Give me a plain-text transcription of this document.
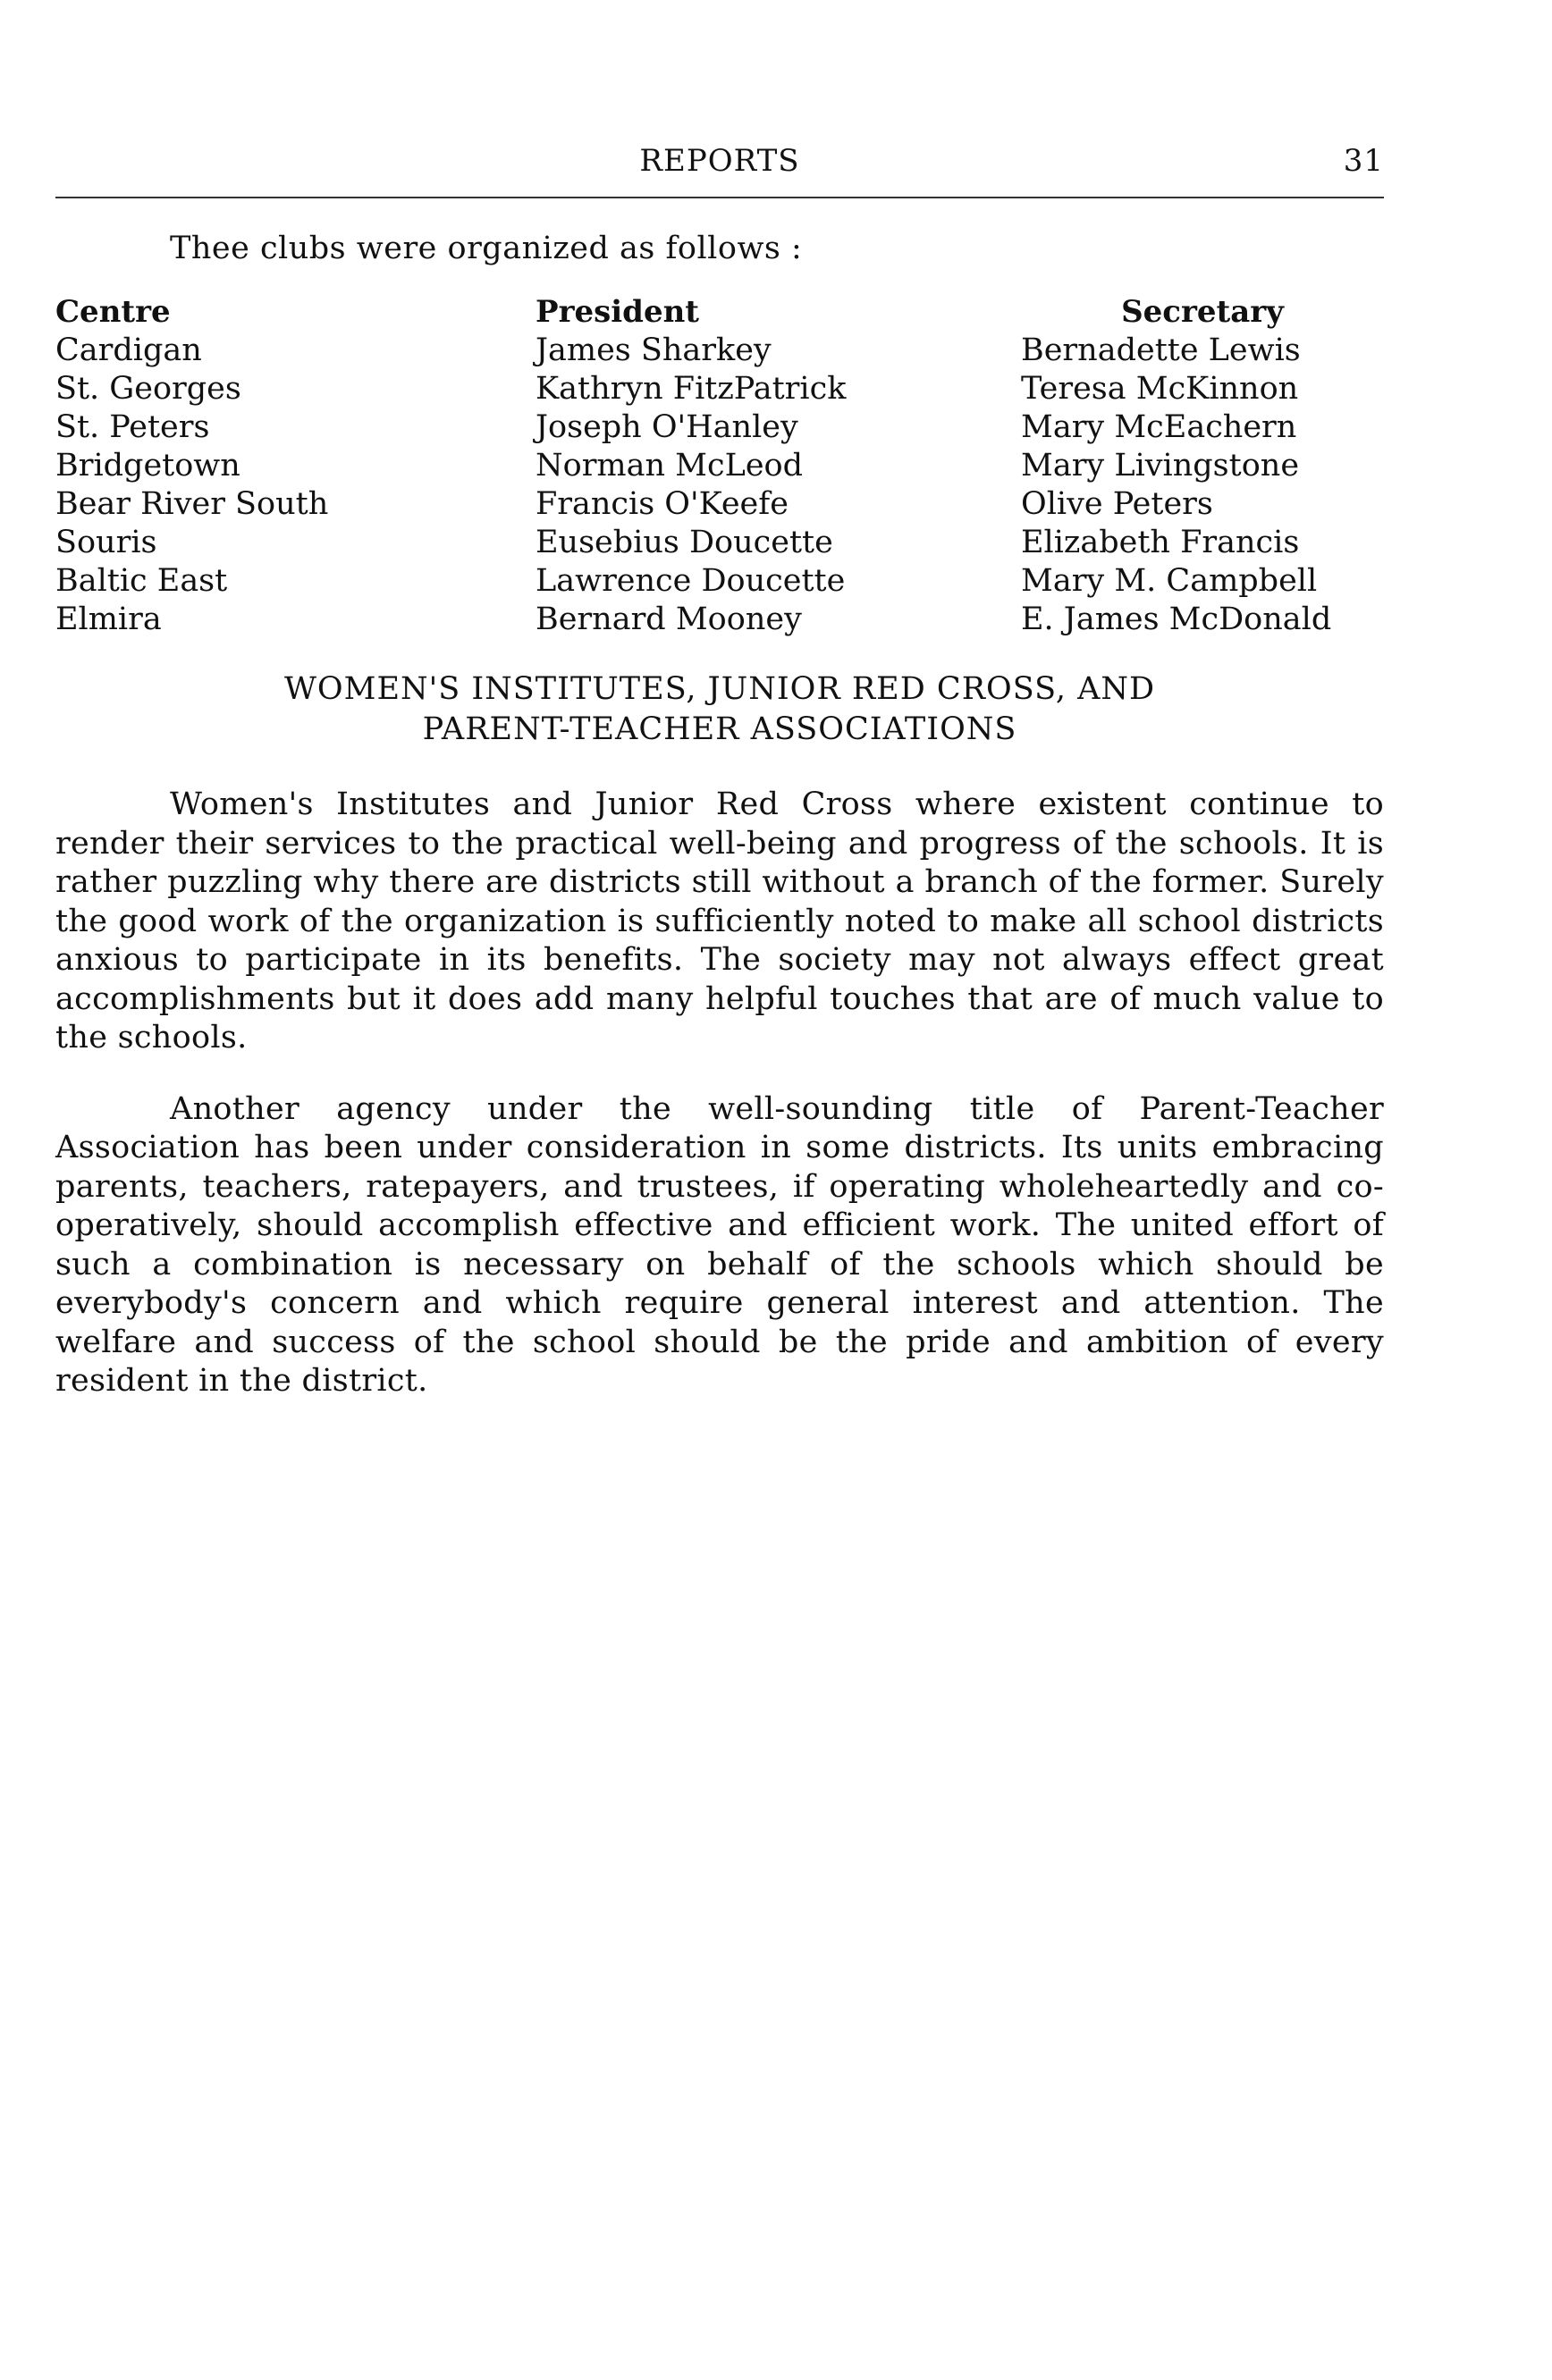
REPORTS	31
Thee clubs were organized as follows :
Centre	President	Secretary
Cardigan	James Sharkey	Bernadette Lewis
St. Georges	Kathryn FitzPatrick	Teresa McKinnon
St. Peters	Joseph O'Hanley	Mary McEachern
Bridgetown	Norman McLeod	Mary Livingstone
Bear River South	Francis O'Keefe	Olive Peters
Souris	Eusebius Doucette	Elizabeth Francis
Baltic East	Lawrence Doucette	Mary M. Campbell
Elmira	Bernard Mooney	E. James McDonald
WOMEN'S INSTITUTES, JUNIOR RED CROSS, AND
PARENT-TEACHER ASSOCIATIONS

Women's Institutes and Junior Red Cross where existent continue to render their services to the practical well-being and progress of the schools. It is rather puzzling why there are districts still without a branch of the former. Surely the good work of the organization is sufficiently noted to make all school districts anxious to participate in its benefits. The society may not always effect great accomplishments but it does add many helpful touches that are of much value to the schools.

Another agency under the well-sounding title of Parent-Teacher Association has been under consideration in some districts. Its units embracing parents, teachers, ratepayers, and trustees, if operating wholeheartedly and co-operatively, should accomplish effective and efficient work. The united effort of such a combination is necessary on behalf of the schools which should be everybody's concern and which require general interest and attention. The welfare and success of the school should be the pride and ambition of every resident in the district.
